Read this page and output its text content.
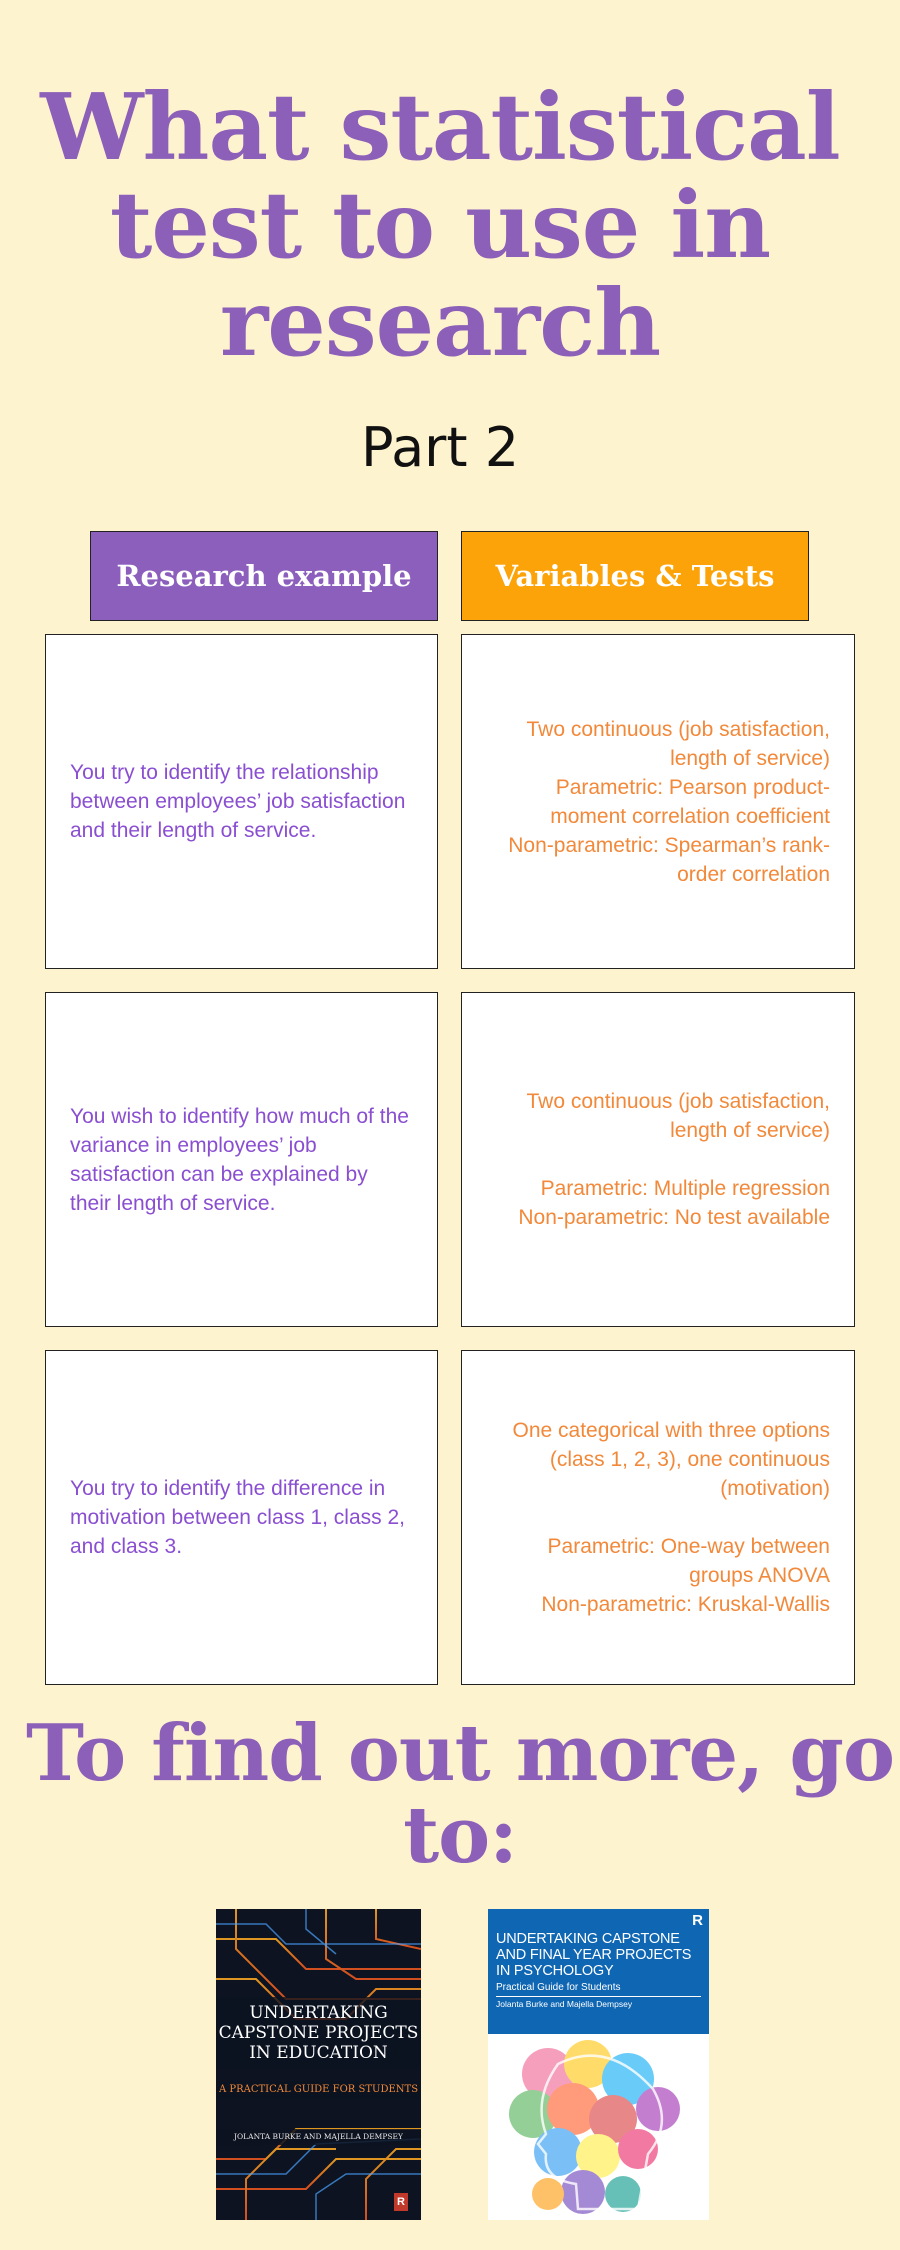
What statistical test to use in research
Part 2
Research example	Variables & Tests
You try to identify the relationship between employees’ job satisfaction and their length of service.
Two continuous (job satisfaction, length of service)
Parametric: Pearson product-moment correlation coefficient
Non-parametric: Spearman’s rank-order correlation
You wish to identify how much of the variance in employees’ job satisfaction can be explained by their length of service.
Two continuous (job satisfaction, length of service)
Parametric: Multiple regression
Non-parametric: No test available
You try to identify the difference in motivation between class 1, class 2, and class 3.
One categorical with three options (class 1, 2, 3), one continuous (motivation)
Parametric: One-way between groups ANOVA
Non-parametric: Kruskal-Wallis
To find out more, go to:
UNDERTAKING CAPSTONE PROJECTS IN EDUCATION
A PRACTICAL GUIDE FOR STUDENTS
JOLANTA BURKE AND MAJELLA DEMPSEY
R
R
UNDERTAKING CAPSTONE AND FINAL YEAR PROJECTS IN PSYCHOLOGY
Practical Guide for Students
Jolanta Burke and Majella Dempsey
